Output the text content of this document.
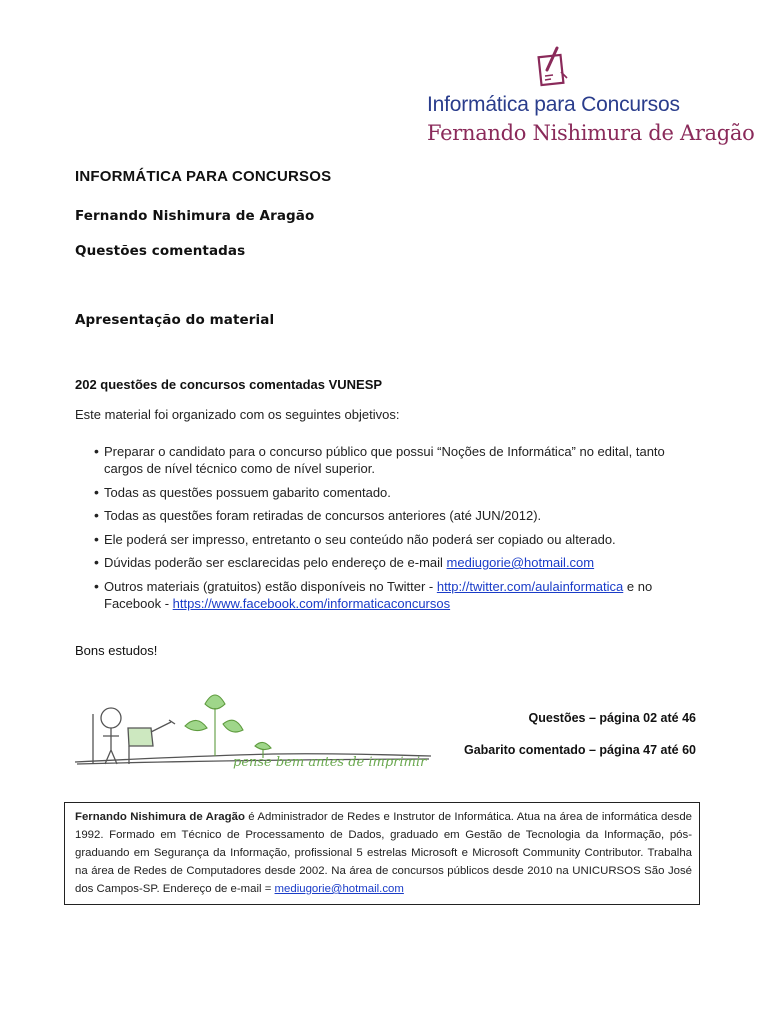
Informática para Concursos
Fernando Nishimura de Aragão
INFORMÁTICA PARA CONCURSOS
Fernando Nishimura de Aragão
Questões comentadas
Apresentação do material
202 questões de concursos comentadas VUNESP
Este material foi organizado com os seguintes objetivos:
• Preparar o candidato para o concurso público que possui “Noções de Informática” no edital, tanto cargos de nível técnico como de nível superior.
• Todas as questões possuem gabarito comentado.
• Todas as questões foram retiradas de concursos anteriores (até JUN/2012).
• Ele poderá ser impresso, entretanto o seu conteúdo não poderá ser copiado ou alterado.
• Dúvidas poderão ser esclarecidas pelo endereço de e-mail mediugorie@hotmail.com
• Outros materiais (gratuitos) estão disponíveis no Twitter - http://twitter.com/aulainformatica e no Facebook - https://www.facebook.com/informaticaconcursos
Bons estudos!
pense bem antes de imprimir
Questões – página 02 até 46
Gabarito comentado – página 47 até 60
Fernando Nishimura de Aragão é Administrador de Redes e Instrutor de Informática. Atua na área de informática desde 1992. Formado em Técnico de Processamento de Dados, graduado em Gestão de Tecnologia da Informação, pós-graduando em Segurança da Informação, profissional 5 estrelas Microsoft e Microsoft Community Contributor. Trabalha na área de Redes de Computadores desde 2002. Na área de concursos públicos desde 2010 na UNICURSOS São José dos Campos-SP. Endereço de e-mail = mediugorie@hotmail.com
